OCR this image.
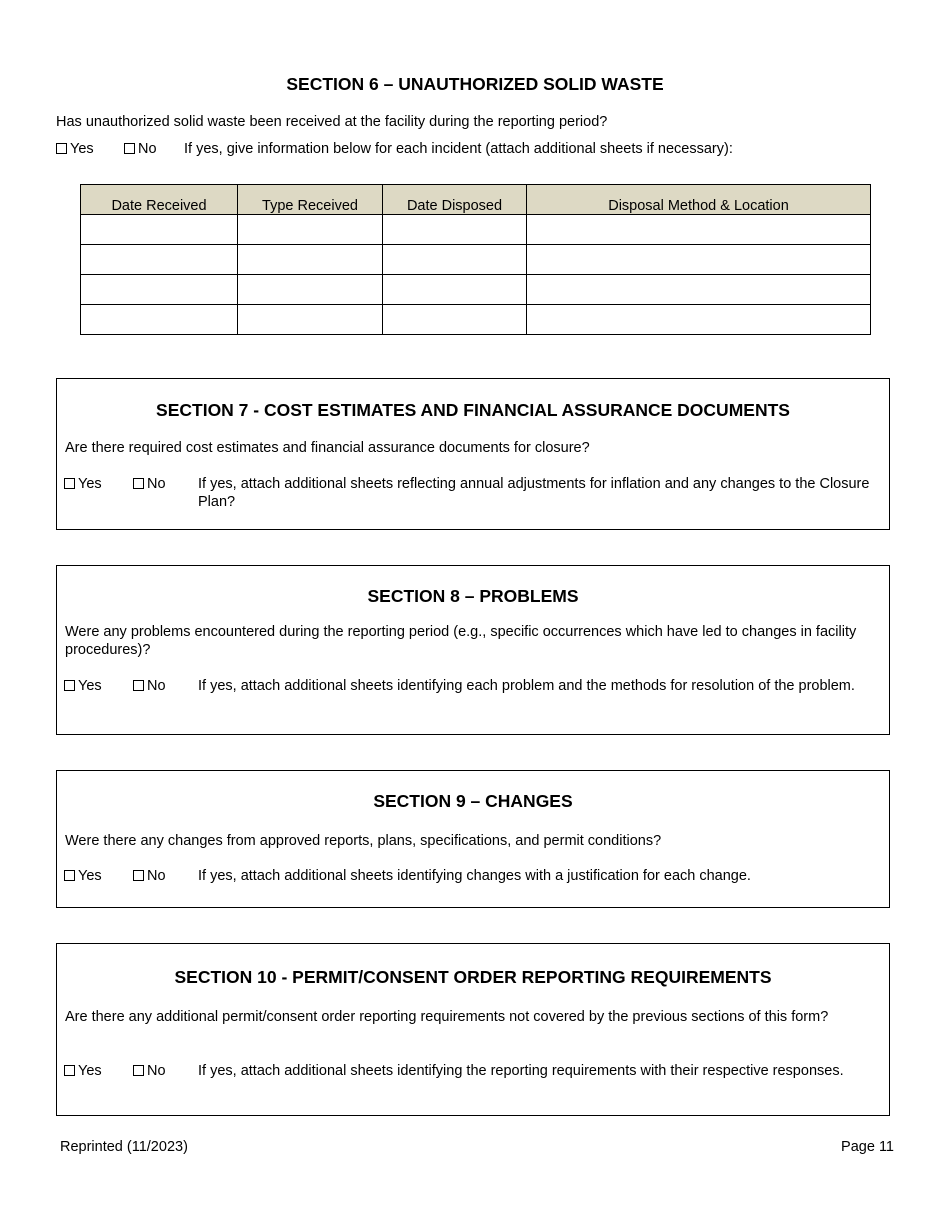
SECTION 6 – UNAUTHORIZED SOLID WASTE
Has unauthorized solid waste been received at the facility during the reporting period?
Yes	No If yes, give information below for each incident (attach additional sheets if necessary):
Date Received	Type Received	Date Disposed	Disposal Method & Location

SECTION 7 - COST ESTIMATES AND FINANCIAL ASSURANCE DOCUMENTS
Are there required cost estimates and financial assurance documents for closure?
Yes	No If yes, attach additional sheets reflecting annual adjustments for inflation and any changes to the Closure Plan?
SECTION 8 – PROBLEMS
Were any problems encountered during the reporting period (e.g., specific occurrences which have led to changes in facility procedures)?
Yes	No If yes, attach additional sheets identifying each problem and the methods for resolution of the problem.
SECTION 9 – CHANGES
Were there any changes from approved reports, plans, specifications, and permit conditions?
Yes	No If yes, attach additional sheets identifying changes with a justification for each change.
SECTION 10 - PERMIT/CONSENT ORDER REPORTING REQUIREMENTS
Are there any additional permit/consent order reporting requirements not covered by the previous sections of this form?
Yes	No If yes, attach additional sheets identifying the reporting requirements with their respective responses.
Reprinted (11/2023)	Page 11
